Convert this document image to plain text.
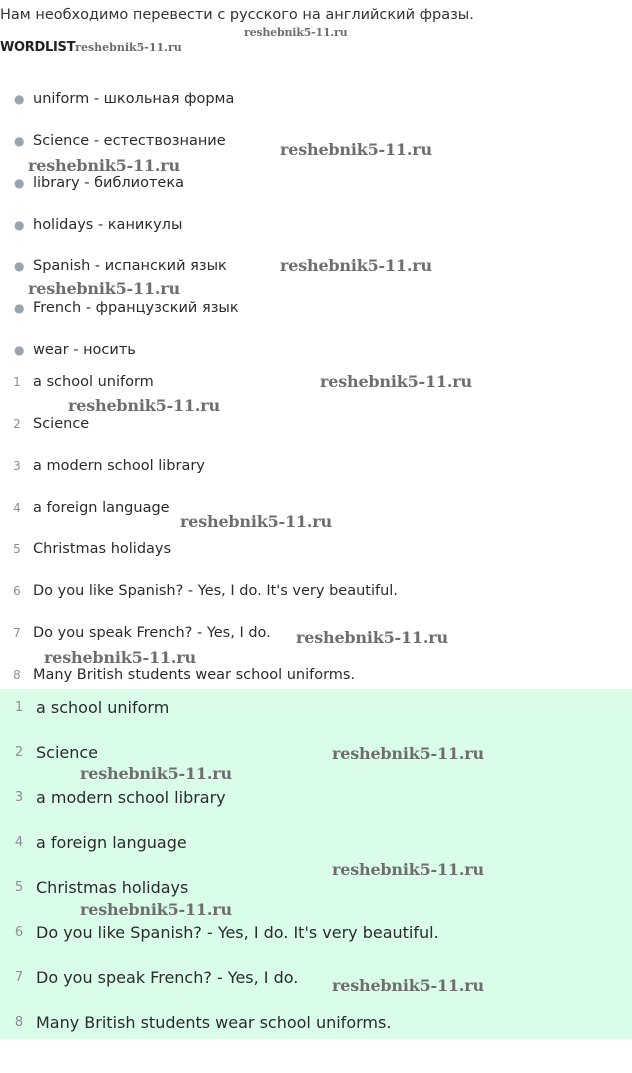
Нам необходимо перевести с русского на английский фразы.
reshebnik5-11.ru
WORDLISTreshebnik5-11.ru
● uniform - школьная форма
● Science - естествознание
● library - библиотека
● holidays - каникулы
● Spanish - испанский язык
● French - французский язык
● wear - носить
1 a school uniform
2 Science
3 a modern school library
4 a foreign language
5 Christmas holidays
6 Do you like Spanish? - Yes, I do. It's very beautiful.
7 Do you speak French? - Yes, I do.
8 Many British students wear school uniforms.
1 a school uniform
2 Science
3 a modern school library
4 a foreign language
5 Christmas holidays
6 Do you like Spanish? - Yes, I do. It's very beautiful.
7 Do you speak French? - Yes, I do.
8 Many British students wear school uniforms.
reshebnik5-11.ru
reshebnik5-11.ru
reshebnik5-11.ru
reshebnik5-11.ru
reshebnik5-11.ru
reshebnik5-11.ru
reshebnik5-11.ru
reshebnik5-11.ru
reshebnik5-11.ru
reshebnik5-11.ru
reshebnik5-11.ru
reshebnik5-11.ru
reshebnik5-11.ru
reshebnik5-11.ru
